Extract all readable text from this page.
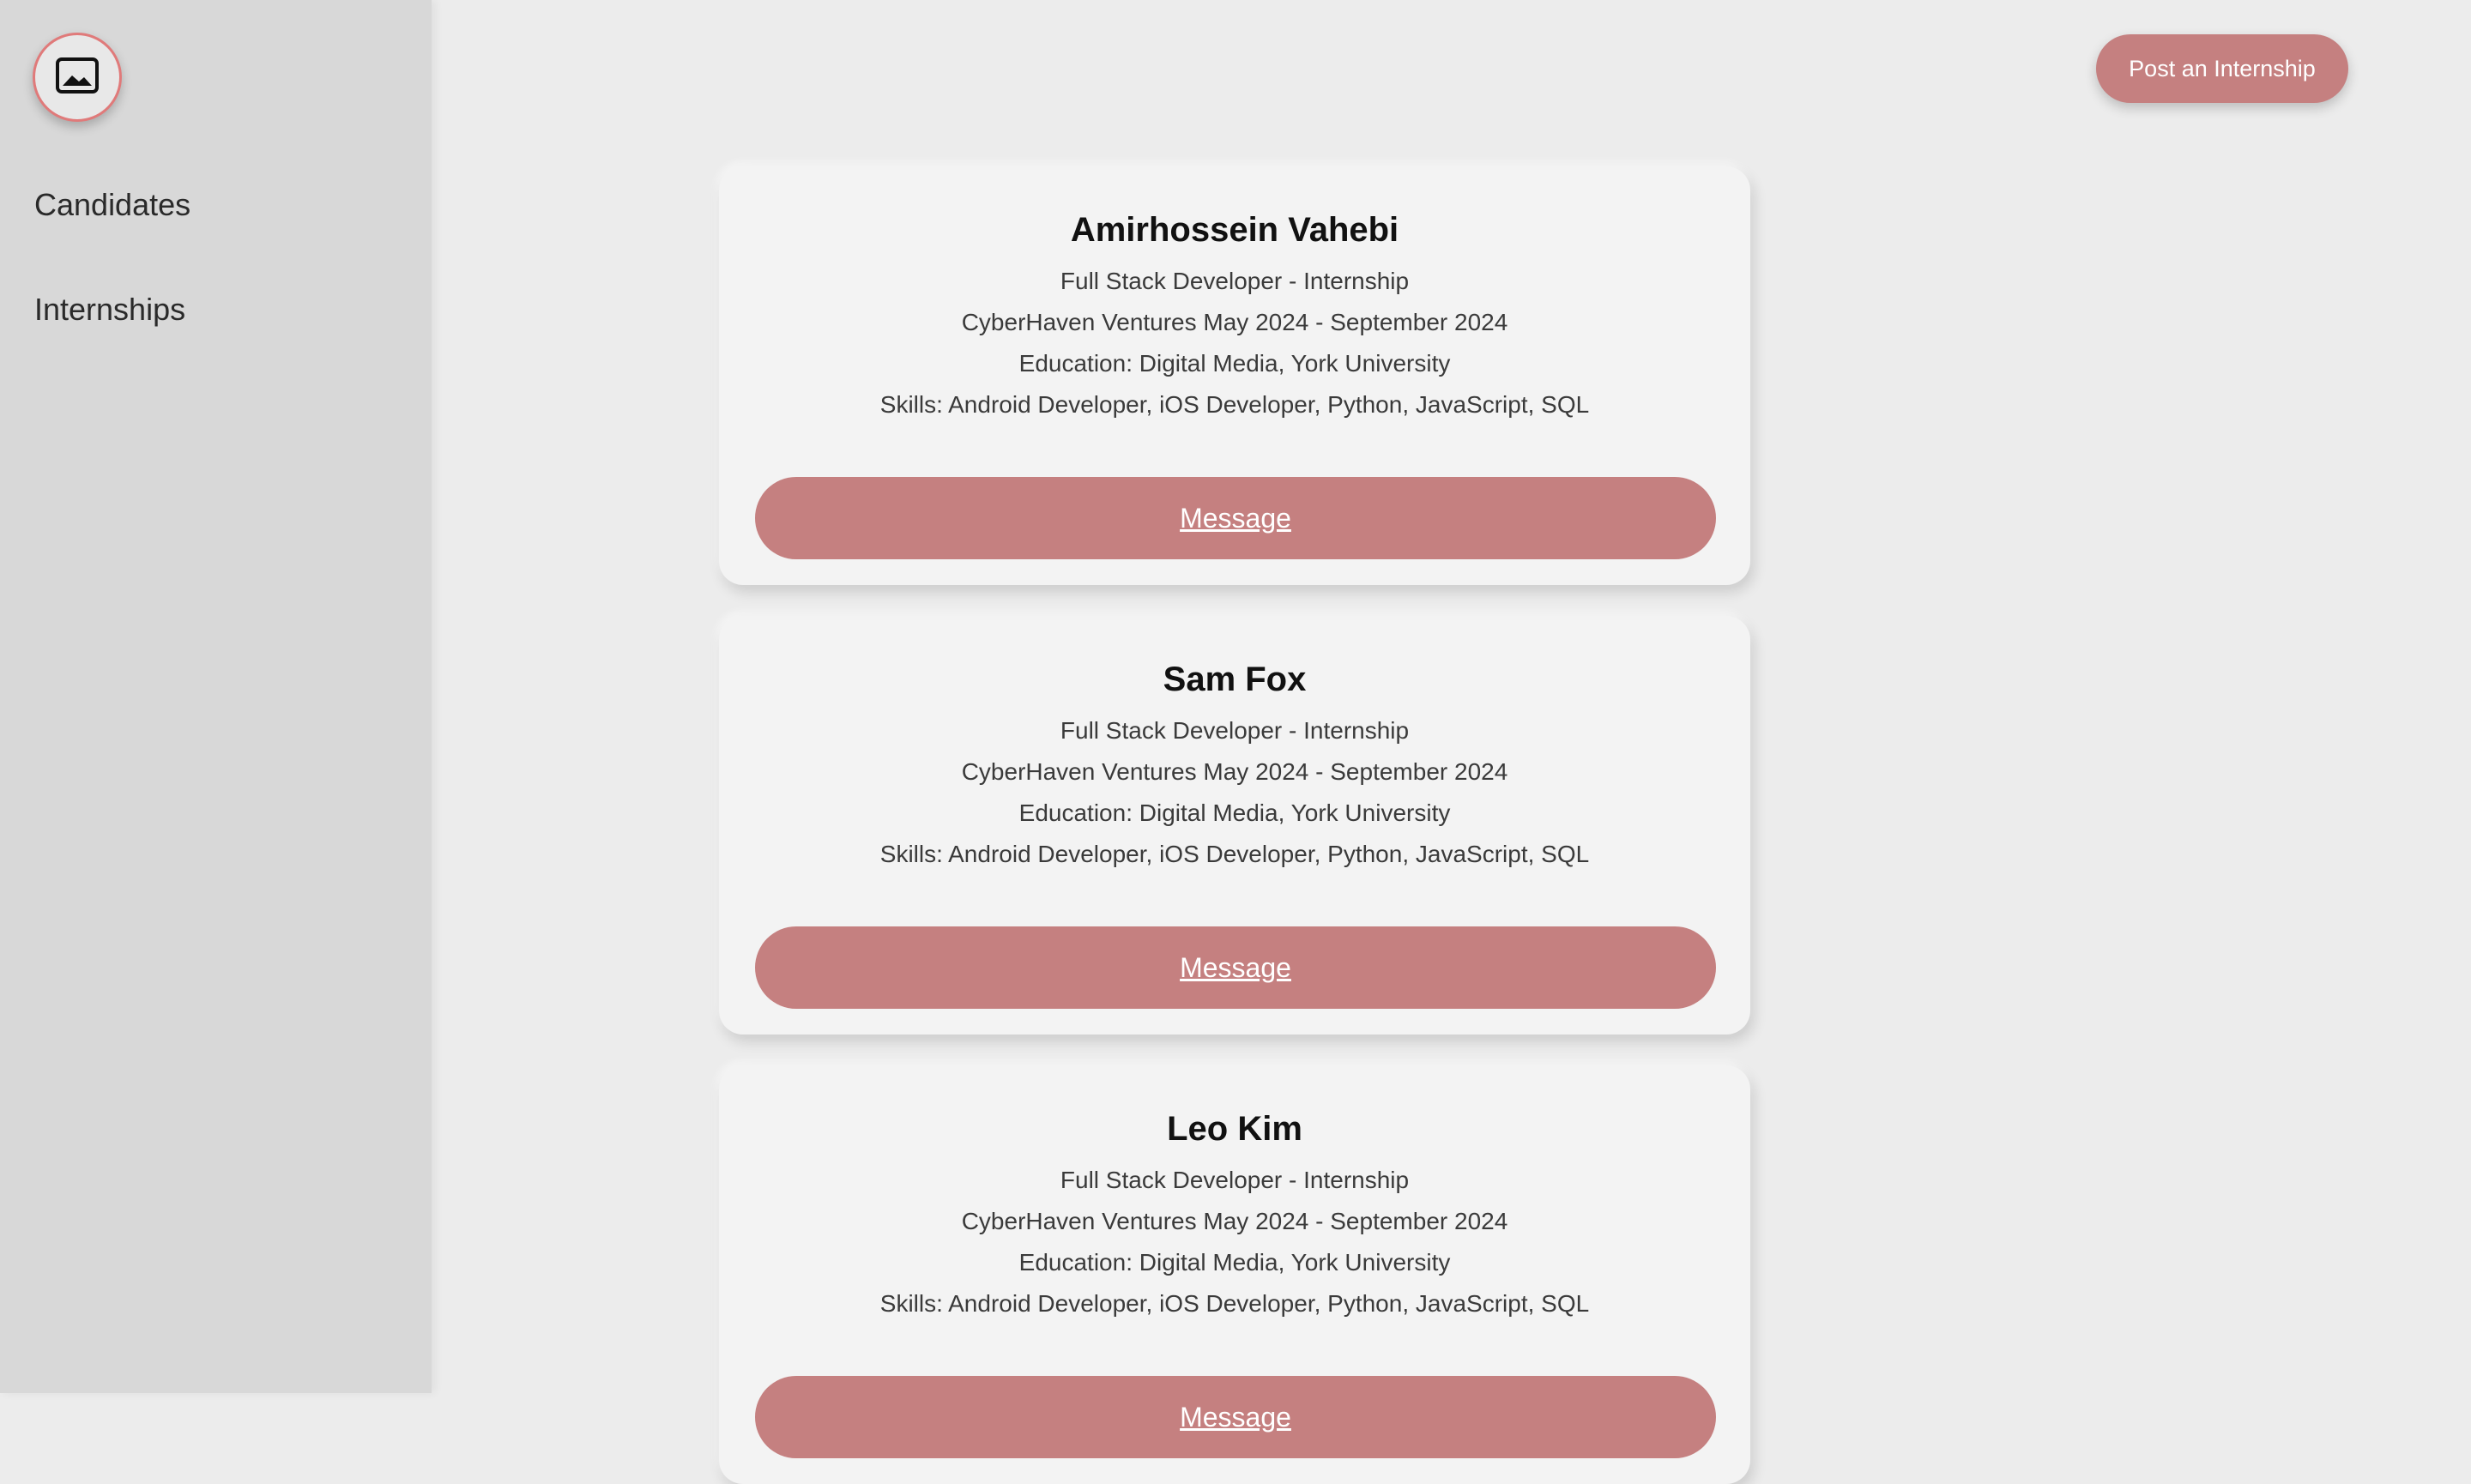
Candidates
Internships
Post an Internship
Amirhossein Vahebi
Full Stack Developer - Internship
CyberHaven Ventures May 2024 - September 2024
Education: Digital Media, York University
Skills: Android Developer, iOS Developer, Python, JavaScript, SQL
Message
Sam Fox
Full Stack Developer - Internship
CyberHaven Ventures May 2024 - September 2024
Education: Digital Media, York University
Skills: Android Developer, iOS Developer, Python, JavaScript, SQL
Message
Leo Kim
Full Stack Developer - Internship
CyberHaven Ventures May 2024 - September 2024
Education: Digital Media, York University
Skills: Android Developer, iOS Developer, Python, JavaScript, SQL
Message
